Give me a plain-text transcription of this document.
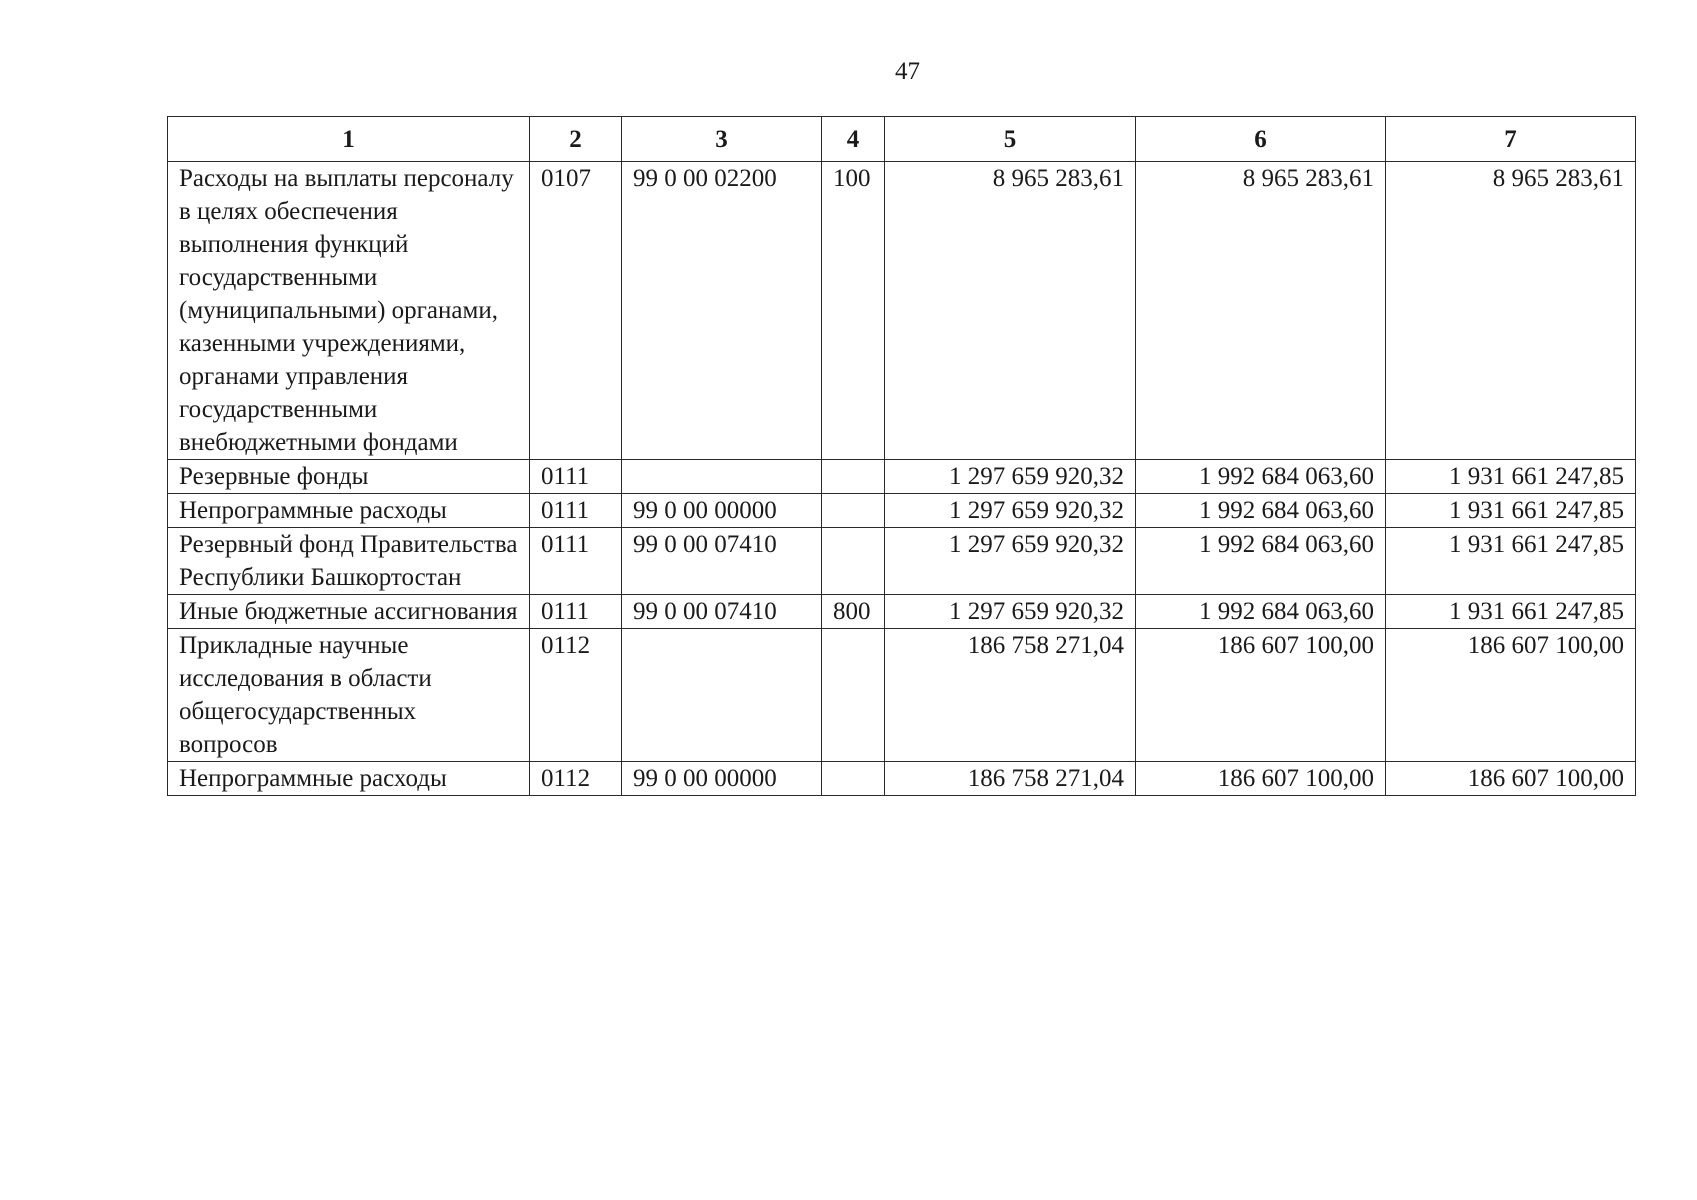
47
1	2	3	4	5	6	7
Расходы на выплаты персоналу в целях обеспечения выполнения функций государственными (муниципальными) органами, казенными учреждениями, органами управления государственными внебюджетными фондами	0107	99 0 00 02200	100	8 965 283,61	8 965 283,61	8 965 283,61
Резервные фонды	0111			1 297 659 920,32	1 992 684 063,60	1 931 661 247,85
Непрограммные расходы	0111	99 0 00 00000		1 297 659 920,32	1 992 684 063,60	1 931 661 247,85
Резервный фонд Правительства Республики Башкортостан	0111	99 0 00 07410		1 297 659 920,32	1 992 684 063,60	1 931 661 247,85
Иные бюджетные ассигнования	0111	99 0 00 07410	800	1 297 659 920,32	1 992 684 063,60	1 931 661 247,85
Прикладные научные исследования в области общегосударственных вопросов	0112			186 758 271,04	186 607 100,00	186 607 100,00
Непрограммные расходы	0112	99 0 00 00000		186 758 271,04	186 607 100,00	186 607 100,00
